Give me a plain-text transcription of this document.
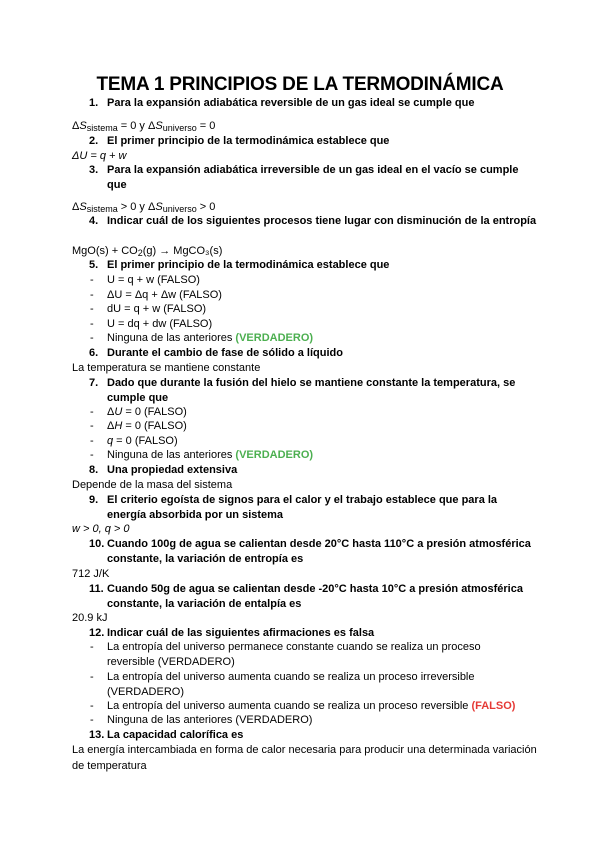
TEMA 1 PRINCIPIOS DE LA TERMODINÁMICA
1. Para la expansión adiabática reversible de un gas ideal se cumple que
$\Delta S_{sistema} = 0$ y $\Delta S_{universo} = 0$
2. El primer principio de la termodinámica establece que
ΔU = q + w
3. Para la expansión adiabática irreversible de un gas ideal en el vacío se cumple que
$\Delta S_{sistema} > 0$ y $\Delta S_{universo} > 0$
4. Indicar cuál de los siguientes procesos tiene lugar con disminución de la entropía
$MgO(s) + CO_2(g)$ → MgCO₃(s)
5. El primer principio de la termodinámica establece que
- U = q + w (FALSO)
- ΔU = Δq + Δw (FALSO)
- dU = q + w (FALSO)
- U = dq + dw (FALSO)
- Ninguna de las anteriores (VERDADERO)
6. Durante el cambio de fase de sólido a líquido
La temperatura se mantiene constante
7. Dado que durante la fusión del hielo se mantiene constante la temperatura, se cumple que
- ΔU = 0 (FALSO)
- ΔH = 0 (FALSO)
- q = 0 (FALSO)
- Ninguna de las anteriores (VERDADERO)
8. Una propiedad extensiva
Depende de la masa del sistema
9. El criterio egoísta de signos para el calor y el trabajo establece que para la energía absorbida por un sistema
w > 0, q > 0
10. Cuando 100g de agua se calientan desde 20°C hasta 110°C a presión atmosférica constante, la variación de entropía es
712 J/K
11. Cuando 50g de agua se calientan desde -20°C hasta 10°C a presión atmosférica constante, la variación de entalpía es
20.9 kJ
12. Indicar cuál de las siguientes afirmaciones es falsa
- La entropía del universo permanece constante cuando se realiza un proceso reversible (VERDADERO)
- La entropía del universo aumenta cuando se realiza un proceso irreversible (VERDADERO)
- La entropía del universo aumenta cuando se realiza un proceso reversible (FALSO)
- Ninguna de las anteriores (VERDADERO)
13. La capacidad calorífica es
La energía intercambiada en forma de calor necesaria para producir una determinada variación de temperatura
